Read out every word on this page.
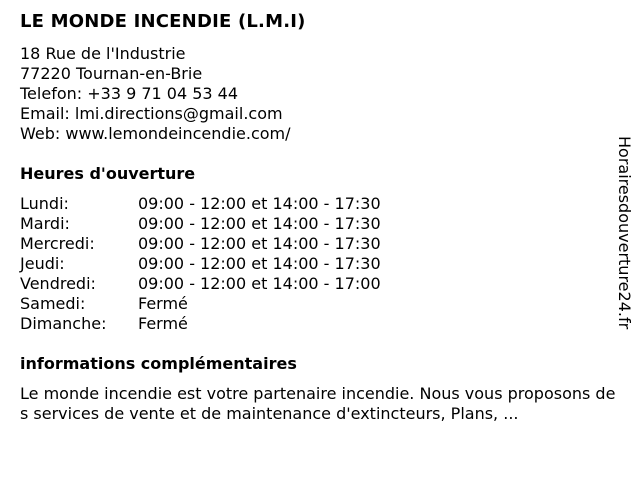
LE MONDE INCENDIE (L.M.I)
18 Rue de l'Industrie
77220 Tournan-en-Brie
Telefon: +33 9 71 04 53 44
Email: lmi.directions@gmail.com
Web: www.lemondeincendie.com/
Heures d'ouverture
Lundi:	09:00 - 12:00 et 14:00 - 17:30
Mardi:	09:00 - 12:00 et 14:00 - 17:30
Mercredi:	09:00 - 12:00 et 14:00 - 17:30
Jeudi:	09:00 - 12:00 et 14:00 - 17:30
Vendredi:	09:00 - 12:00 et 14:00 - 17:00
Samedi:	Fermé
Dimanche:	Fermé
informations complémentaires
Le monde incendie est votre partenaire incendie. Nous vous proposons des services de vente et de maintenance d'extincteurs, Plans, ...
Horairesdouverture24.fr
